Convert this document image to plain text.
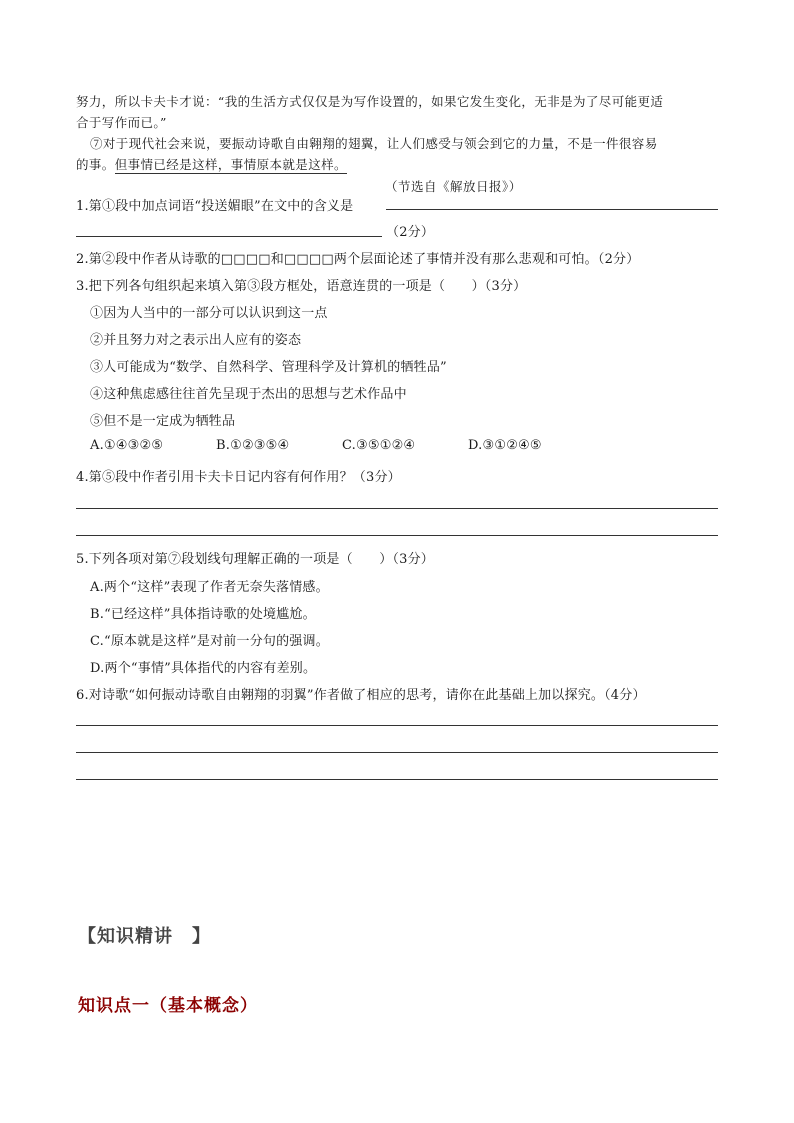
努力，所以卡夫卡才说：“我的生活方式仅仅是为写作设置的，如果它发生变化，无非是为了尽可能更适
合于写作而已。”
⑦对于现代社会来说，要振动诗歌自由翱翔的翅翼，让人们感受与领会到它的力量，不是一件很容易
的事。但事情已经是这样，事情原本就是这样。
（节选自《解放日报》）
1.第①段中加点词语“投送媚眼”在文中的含义是
（2分）
2.第②段中作者从诗歌的□□□□和□□□□两个层面论述了事情并没有那么悲观和可怕。（2分）
3.把下列各句组织起来填入第③段方框处，语意连贯的一项是（　　）（3分）
①因为人当中的一部分可以认识到这一点
②并且努力对之表示出人应有的姿态
③人可能成为“数学、自然科学、管理科学及计算机的牺牲品”
④这种焦虑感往往首先呈现于杰出的思想与艺术作品中
⑤但不是一定成为牺牲品
A.①④③②⑤	B.①②③⑤④	C.③⑤①②④	D.③①②④⑤
4.第⑤段中作者引用卡夫卡日记内容有何作用？（3分）
5.下列各项对第⑦段划线句理解正确的一项是（　　）（3分）
A.两个“这样”表现了作者无奈失落情感。
B.“已经这样”具体指诗歌的处境尴尬。
C.“原本就是这样”是对前一分句的强调。
D.两个“事情”具体指代的内容有差别。
6.对诗歌“如何振动诗歌自由翱翔的羽翼”作者做了相应的思考，请你在此基础上加以探究。（4分）
【知识精讲　】
知识点一（基本概念）
